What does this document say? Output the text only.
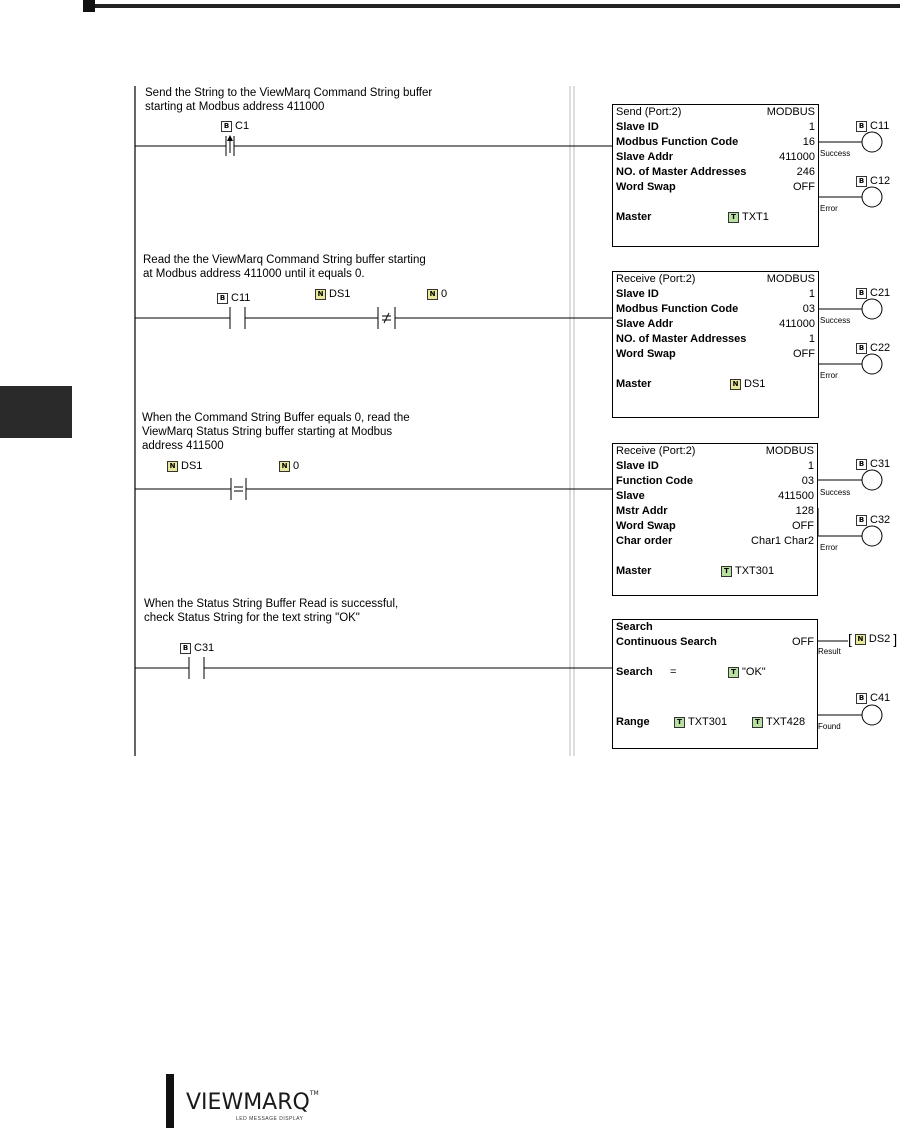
Send the String to the ViewMarq Command String buffer
starting at Modbus address 411000
B C1
Send (Port:2)	MODBUS
Slave ID	1
Modbus Function Code	16
Slave Addr	411000
NO. of Master Addresses	246
Word Swap	OFF
Master	T TXT1
B C11
Success
B C12
Error
Read the the ViewMarq Command String buffer starting
at Modbus address 411000 until it equals 0.
B C11	N DS1	N 0
Receive (Port:2)	MODBUS
Slave ID	1
Modbus Function Code	03
Slave Addr	411000
NO. of Master Addresses	1
Word Swap	OFF
Master	N DS1
B C21
Success
B C22
Error
When the Command String Buffer equals 0, read the
ViewMarq Status String buffer starting at Modbus
address 411500
N DS1	N 0
Receive (Port:2)	MODBUS
Slave ID	1
Function Code	03
Slave	411500
Mstr Addr	128
Word Swap	OFF
Char order	Char1 Char2
Master	T TXT301
B C31
Success
B C32
Error
When the Status String Buffer Read is successful,
check Status String for the text string "OK"
B C31
Search
Continuous Search	OFF
Search	=	T "OK"
Range	T TXT301	T TXT428
[ N DS2 ]
Result
B C41
Found
VIEWMARQ™
LED MESSAGE DISPLAY
